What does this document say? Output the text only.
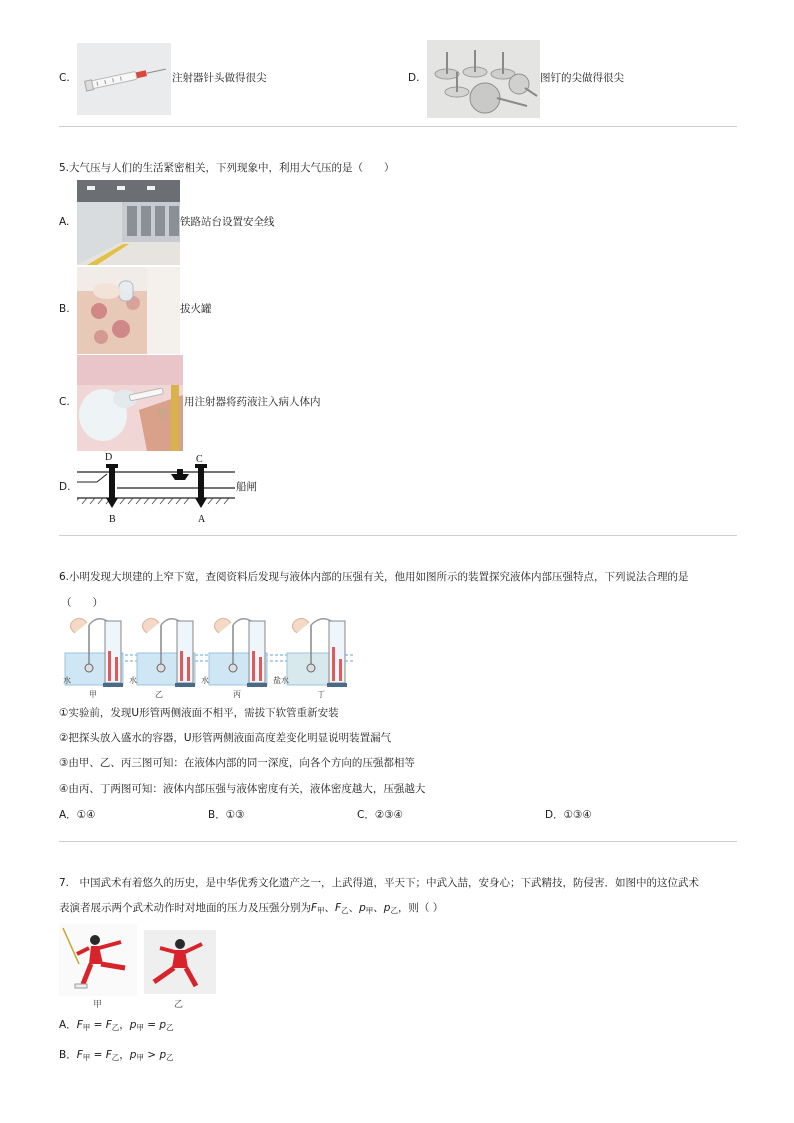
C.	注射器针头做得很尖	D.	图钉的尖做得很尖
5.大气压与人们的生活紧密相关，下列现象中，利用大气压的是（　　）
A.	铁路站台设置安全线
B.	拔火罐
C.	用注射器将药液注入病人体内
D.
D	C
B	A
船闸
6.小明发现大坝建的上窄下宽，查阅资料后发现与液体内部的压强有关，他用如图所示的装置探究液体内部压强特点，下列说法合理的是
（　　）
水
甲
水
乙
水
丙
盐水
丁
①实验前，发现U形管两侧液面不相平，需拔下软管重新安装
②把探头放入盛水的容器，U形管两侧液面高度差变化明显说明装置漏气
③由甲、乙、丙三图可知：在液体内部的同一深度，向各个方向的压强都相等
④由丙、丁两图可知：液体内部压强与液体密度有关，液体密度越大，压强越大
A．①④	B．①③	C．②③④	D．①③④
7.　中国武术有着悠久的历史，是中华优秀文化遗产之一，上武得道，平天下；中武入喆，安身心；下武精技，防侵害．如图中的这位武术
表演者展示两个武术动作时对地面的压力及压强分别为$F_甲$、$F_乙$、$p_甲$、$p_乙$，则（ ）
甲	乙
A．$F_甲 = F_乙$，$p_甲 = p_乙$
B．$F_甲 = F_乙$，$p_甲 > p_乙$
